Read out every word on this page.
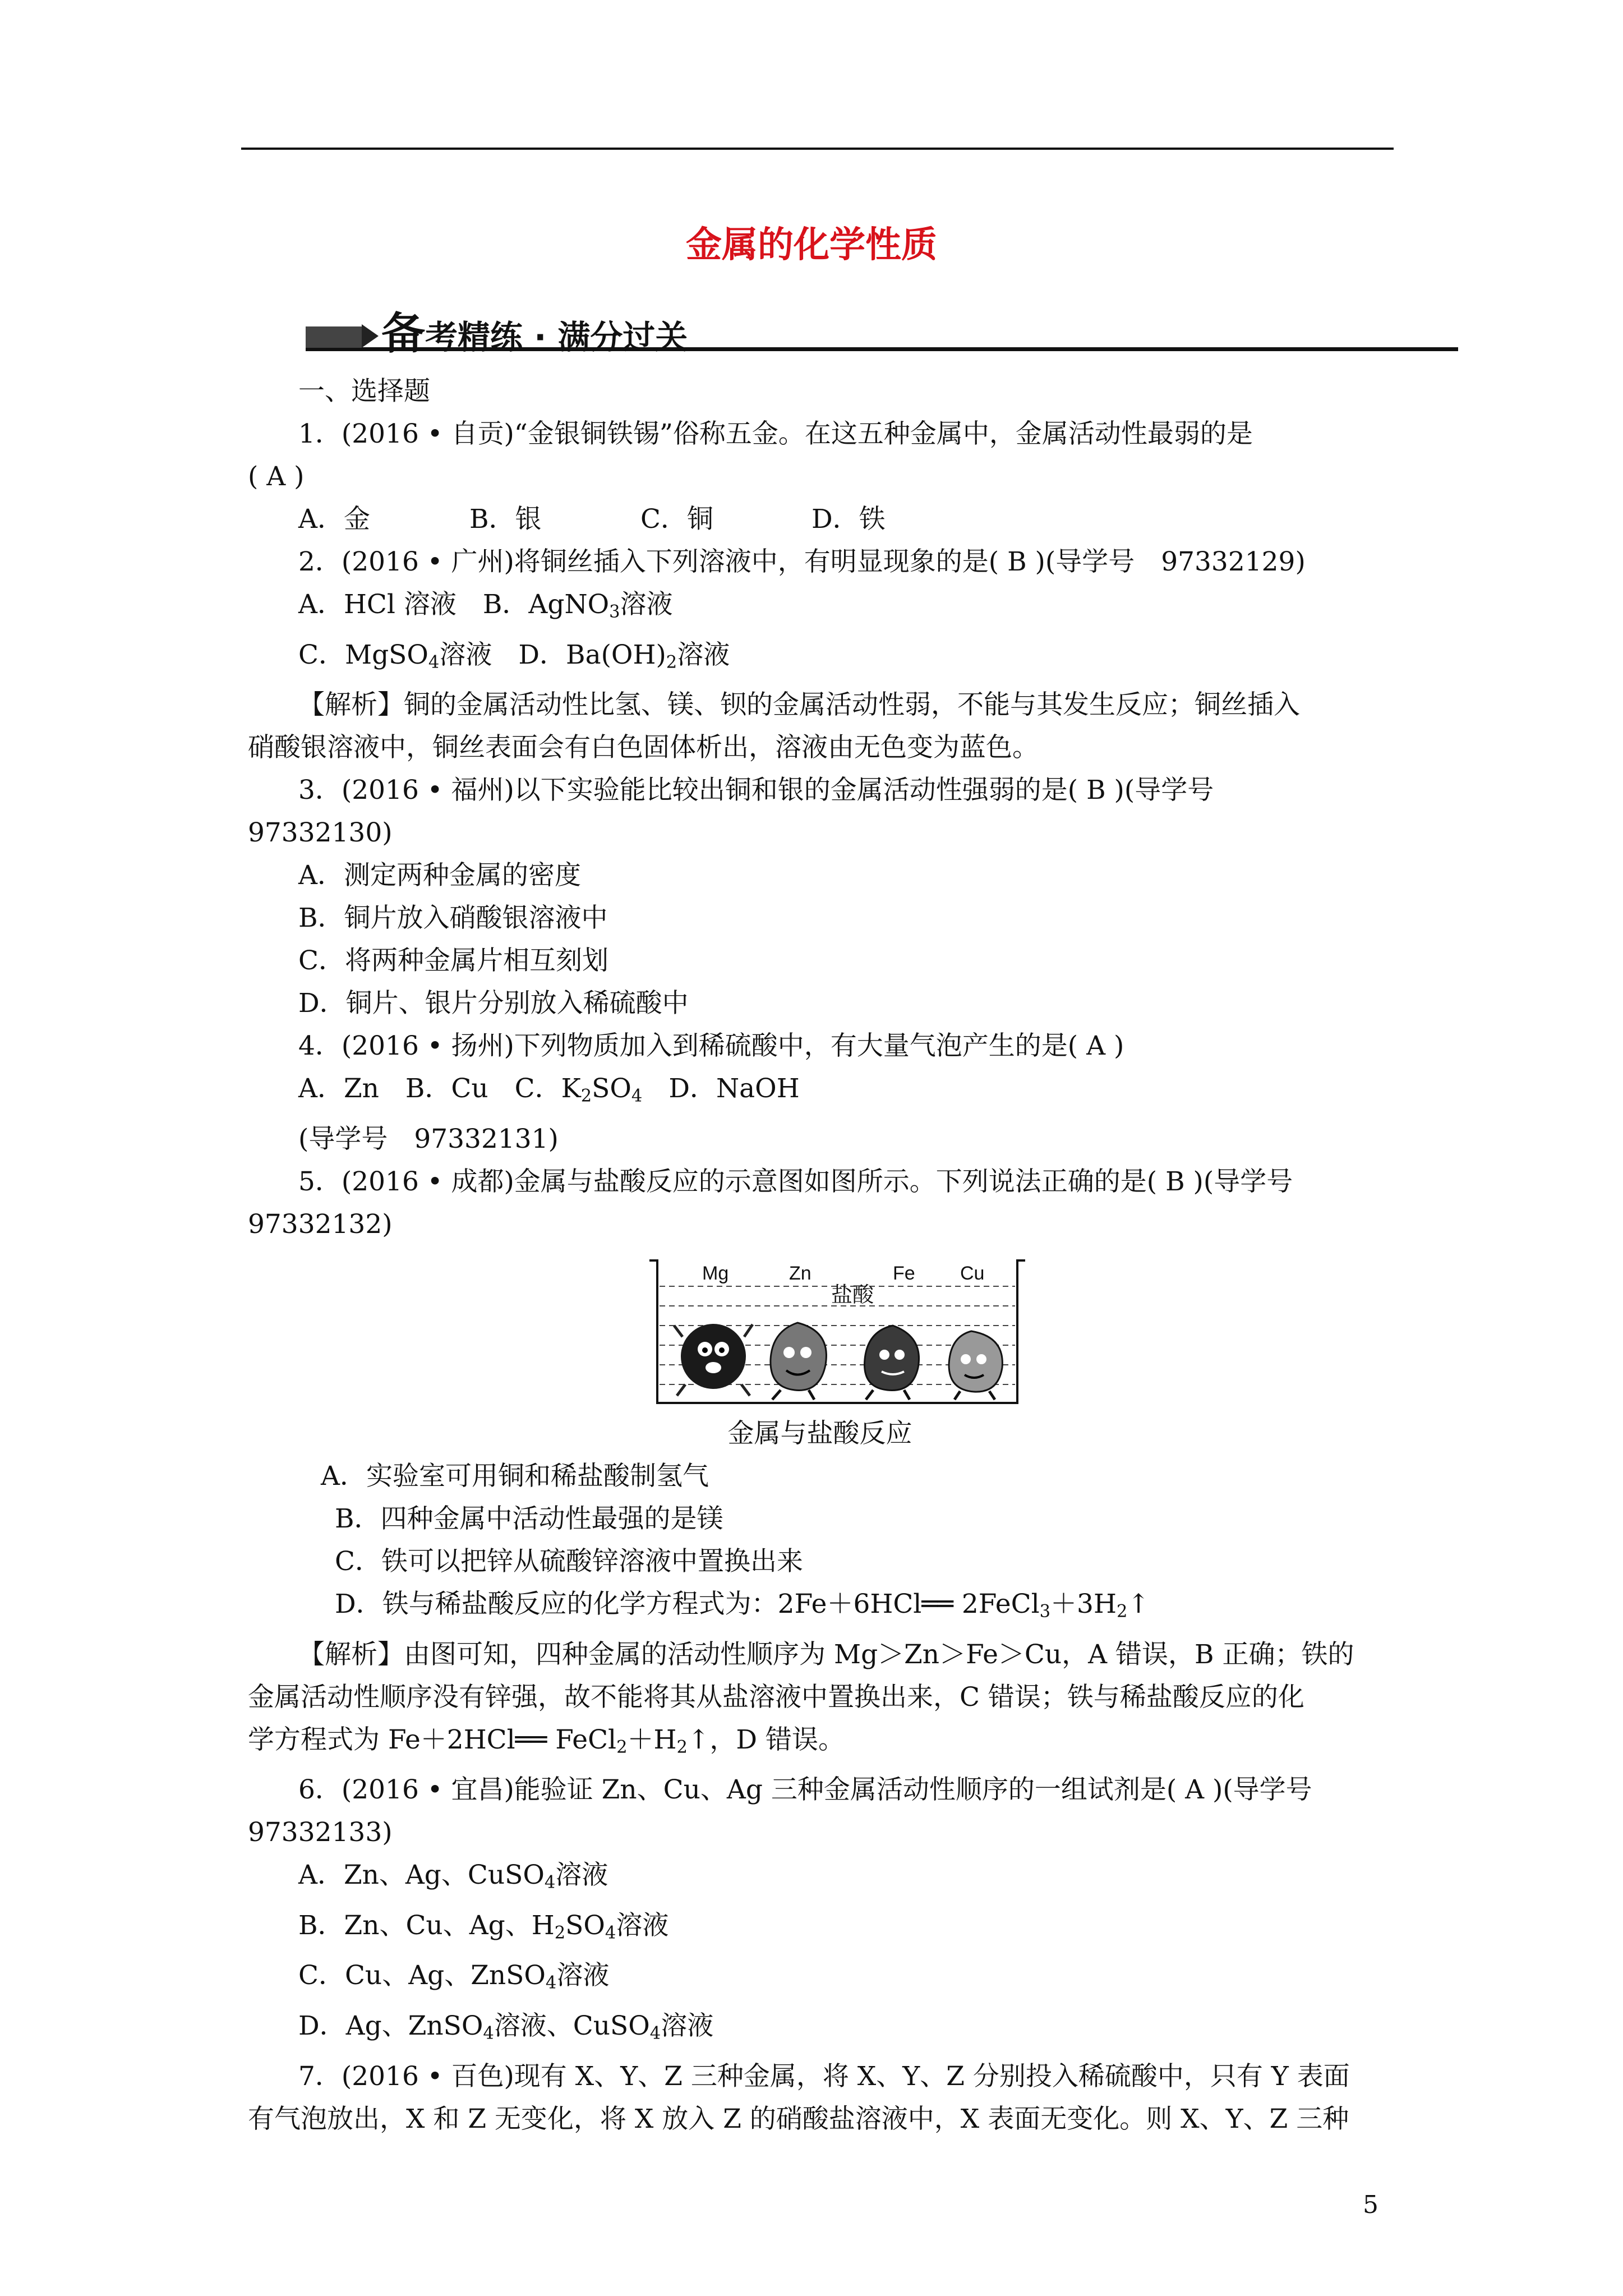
金属的化学性质
备考精练 · 满分过关

一、选择题

1．(2016 • 自贡)“金银铜铁锡”俗称五金。在这五种金属中，金属活动性最弱的是

( A )

A．金	B．银	C．铜	D．铁

2．(2016 • 广州)将铜丝插入下列溶液中，有明显现象的是( B )(导学号　97332129)

A．HCl 溶液　 B．AgNO$_3$溶液

C．MgSO$_4$溶液　 D．$Ba(OH)_2$溶液

【解析】铜的金属活动性比氢、镁、钡的金属活动性弱，不能与其发生反应；铜丝插入

硝酸银溶液中，铜丝表面会有白色固体析出，溶液由无色变为蓝色。

3．(2016 • 福州)以下实验能比较出铜和银的金属活动性强弱的是( B )(导学号

97332130)

A．测定两种金属的密度

B．铜片放入硝酸银溶液中

C．将两种金属片相互刻划

D．铜片、银片分别放入稀硫酸中

4．(2016 • 扬州)下列物质加入到稀硫酸中，有大量气泡产生的是( A )

A．Zn　B．Cu　C．$K_2SO_4$　D．NaOH

(导学号　97332131)

5．(2016 • 成都)金属与盐酸反应的示意图如图所示。下列说法正确的是( B )(导学号

97332132)

Mg	Zn	Fe Cu
盐酸

金属与盐酸反应

A．实验室可用铜和稀盐酸制氢气

B．四种金属中活动性最强的是镁

C．铁可以把锌从硫酸锌溶液中置换出来

D．铁与稀盐酸反应的化学方程式为：2Fe＋6HCl══ $2FeCl_3+3H_2↑$

【解析】由图可知，四种金属的活动性顺序为 Mg＞Zn＞Fe＞Cu，A 错误，B 正确；铁的

金属活动性顺序没有锌强，故不能将其从盐溶液中置换出来，C 错误；铁与稀盐酸反应的化

学方程式为 Fe＋2HCl══ $FeCl_2+H_2↑$，D 错误。

6．(2016 • 宜昌)能验证 Zn、Cu、Ag 三种金属活动性顺序的一组试剂是( A )(导学号

97332133)

A．Zn、Ag、CuSO$_4$溶液

B．Zn、Cu、Ag、$H_2SO_4$溶液

C．Cu、Ag、ZnSO$_4$溶液

D．Ag、ZnSO$_4$溶液、CuSO$_4$溶液

7．(2016 • 百色)现有 X、Y、Z 三种金属，将 X、Y、Z 分别投入稀硫酸中，只有 Y 表面

有气泡放出，X 和 Z 无变化，将 X 放入 Z 的硝酸盐溶液中，X 表面无变化。则 X、Y、Z 三种

5
